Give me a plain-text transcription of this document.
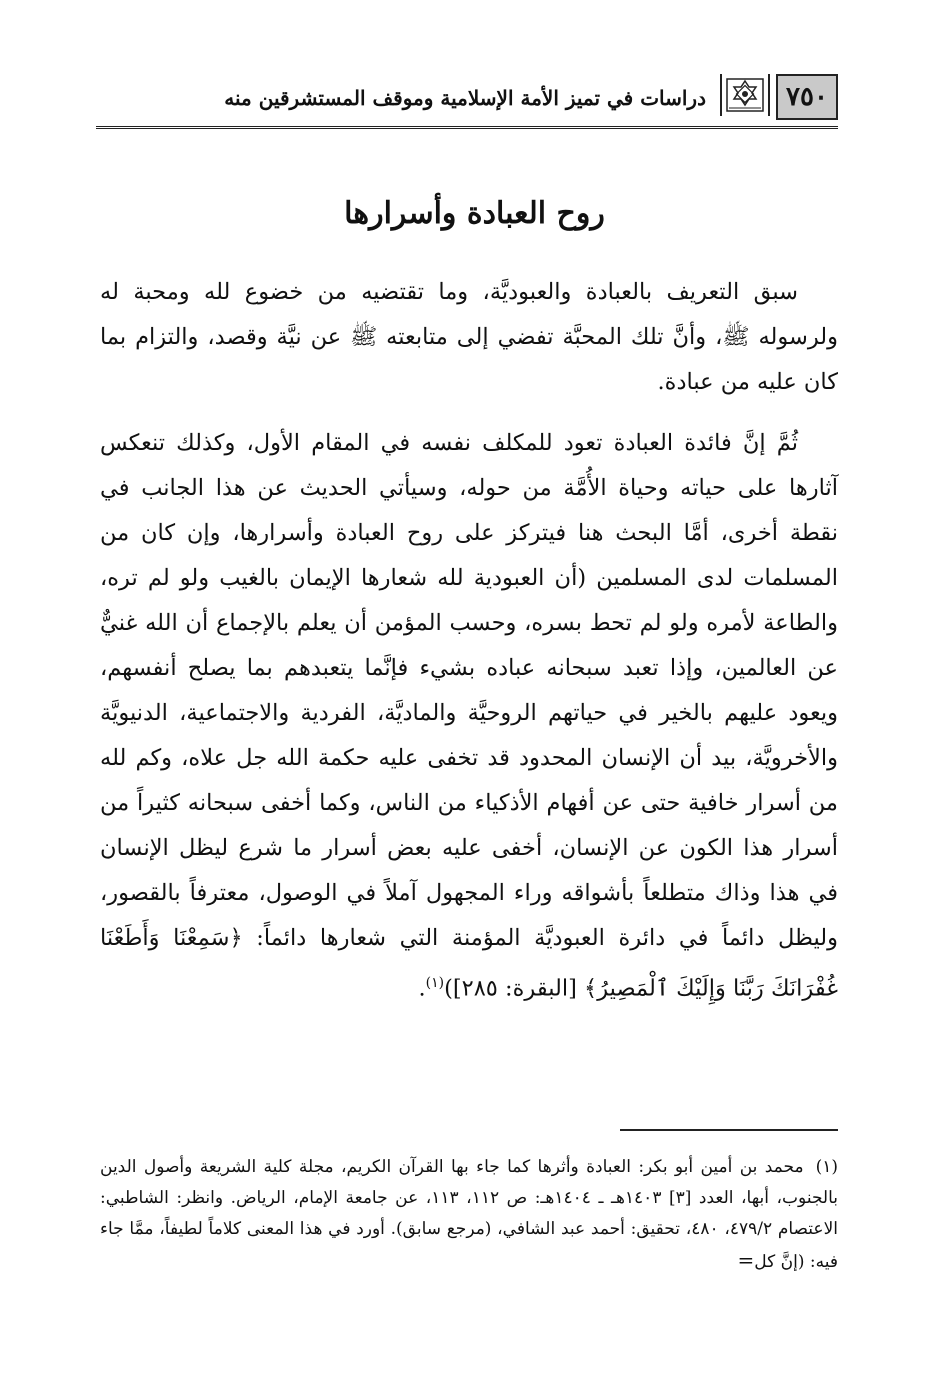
٧٥٠
دراسات في تميز الأمة الإسلامية وموقف المستشرقين منه
روح العبادة وأسرارها

سبق التعريف بالعبادة والعبوديَّة، وما تقتضيه من خضوع لله ومحبة له ولرسوله ﷺ، وأنَّ تلك المحبَّة تفضي إلى متابعته ﷺ عن نيَّة وقصد، والتزام بما كان عليه من عبادة.

ثُمَّ إنَّ فائدة العبادة تعود للمكلف نفسه في المقام الأول، وكذلك تنعكس آثارها على حياته وحياة الأُمَّة من حوله، وسيأتي الحديث عن هذا الجانب في نقطة أخرى، أمَّا البحث هنا فيتركز على روح العبادة وأسرارها، وإن كان من المسلمات لدى المسلمين (أن العبودية لله شعارها الإيمان بالغيب ولو لم تره، والطاعة لأمره ولو لم تحط بسره، وحسب المؤمن أن يعلم بالإجماع أن الله غنيٌّ عن العالمين، وإذا تعبد سبحانه عباده بشيء فإنَّما يتعبدهم بما يصلح أنفسهم، ويعود عليهم بالخير في حياتهم الروحيَّة والماديَّة، الفردية والاجتماعية، الدنيويَّة والأخرويَّة، بيد أن الإنسان المحدود قد تخفى عليه حكمة الله جل علاه، وكم لله من أسرار خافية حتى عن أفهام الأذكياء من الناس، وكما أخفى سبحانه كثيراً من أسرار هذا الكون عن الإنسان، أخفى عليه بعض أسرار ما شرع ليظل الإنسان في هذا وذاك متطلعاً بأشواقه وراء المجهول آملاً في الوصول، معترفاً بالقصور، وليظل دائماً في دائرة العبوديَّة المؤمنة التي شعارها دائماً: ﴿سَمِعْنَا وَأَطَعْنَا غُفْرَانَكَ رَبَّنَا وَإِلَيْكَ ٱلْمَصِيرُ﴾ [البقرة: ٢٨٥])$^{(١)}$.

(١)محمد بن أمين أبو بكر: العبادة وأثرها كما جاء بها القرآن الكريم، مجلة كلية الشريعة وأصول الدين بالجنوب، أبها، العدد [٣] ١٤٠٣هـ ـ ١٤٠٤هـ: ص ١١٢، ١١٣، عن جامعة الإمام، الرياض. وانظر: الشاطبي: الاعتصام ٤٧٩/٢، ٤٨٠، تحقيق: أحمد عبد الشافي، (مرجع سابق). أورد في هذا المعنى كلاماً لطيفاً، ممَّا جاء فيه: (إنَّ كل=
